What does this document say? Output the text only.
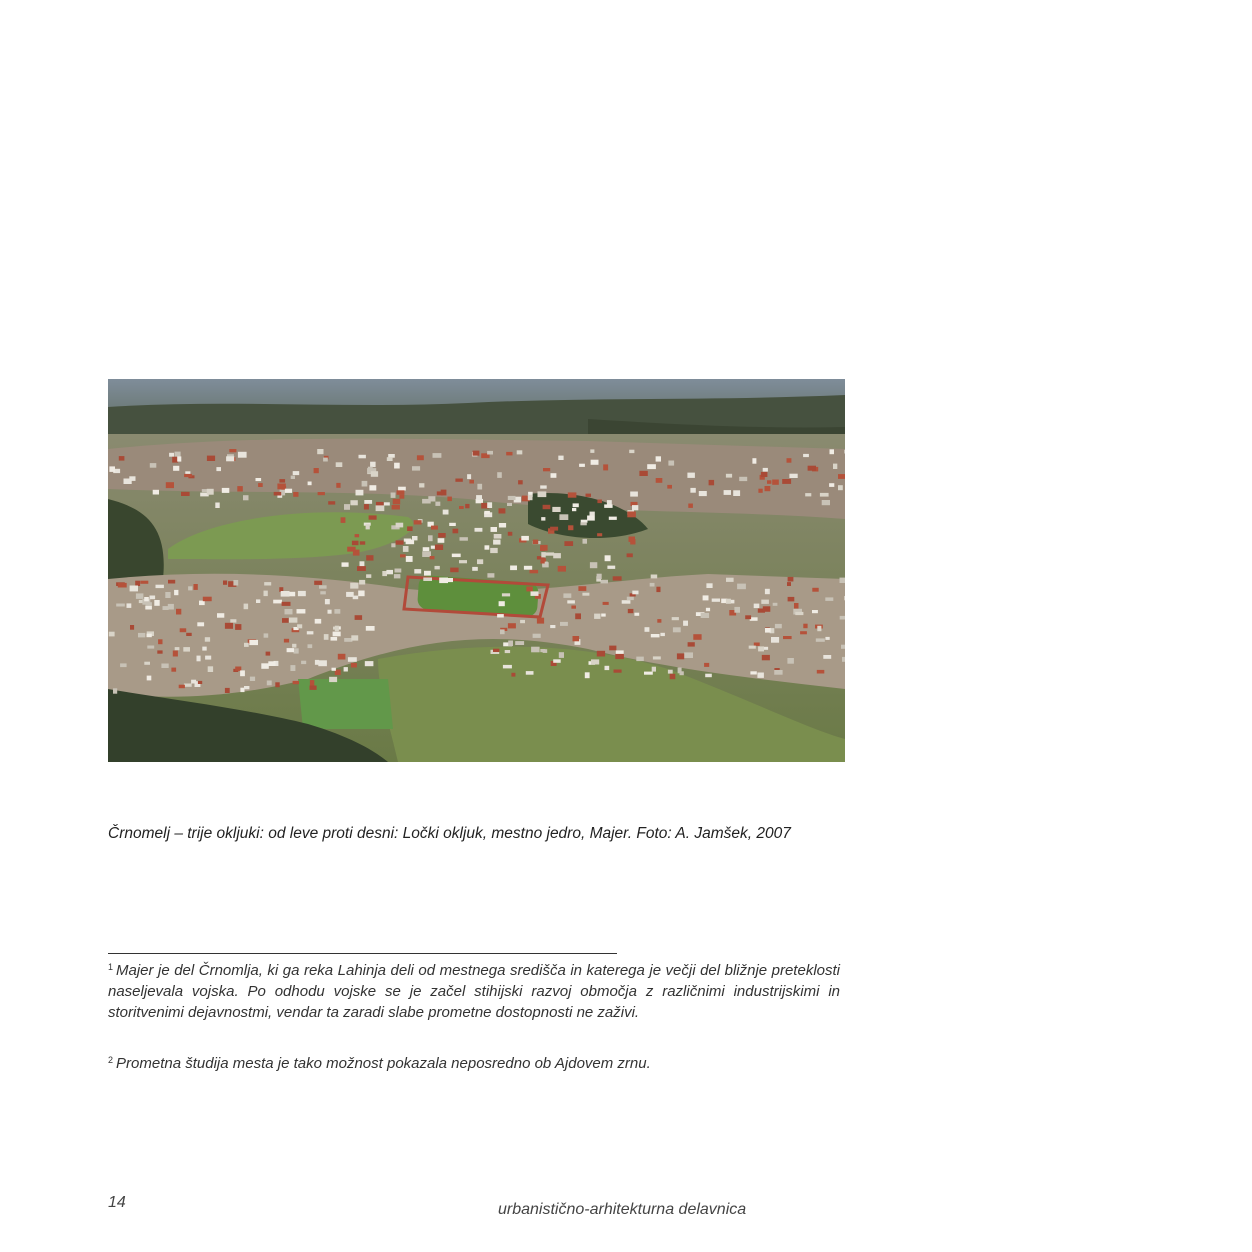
Črnomelj – trije okljuki: od leve proti desni: Ločki okljuk, mestno jedro, Majer. Foto: A. Jamšek, 2007
$^1$ Majer je del Črnomlja, ki ga reka Lahinja deli od mestnega središča in katerega je večji del bližnje preteklosti naseljevala vojska. Po odhodu vojske se je začel stihijski razvoj območja z različnimi industrijskimi in storitvenimi dejavnostmi, vendar ta zaradi slabe prometne dostopnosti ne zaživi.
$^2$ Prometna študija mesta je tako možnost pokazala neposredno ob Ajdovem zrnu.
14	urbanistično-arhitekturna delavnica
